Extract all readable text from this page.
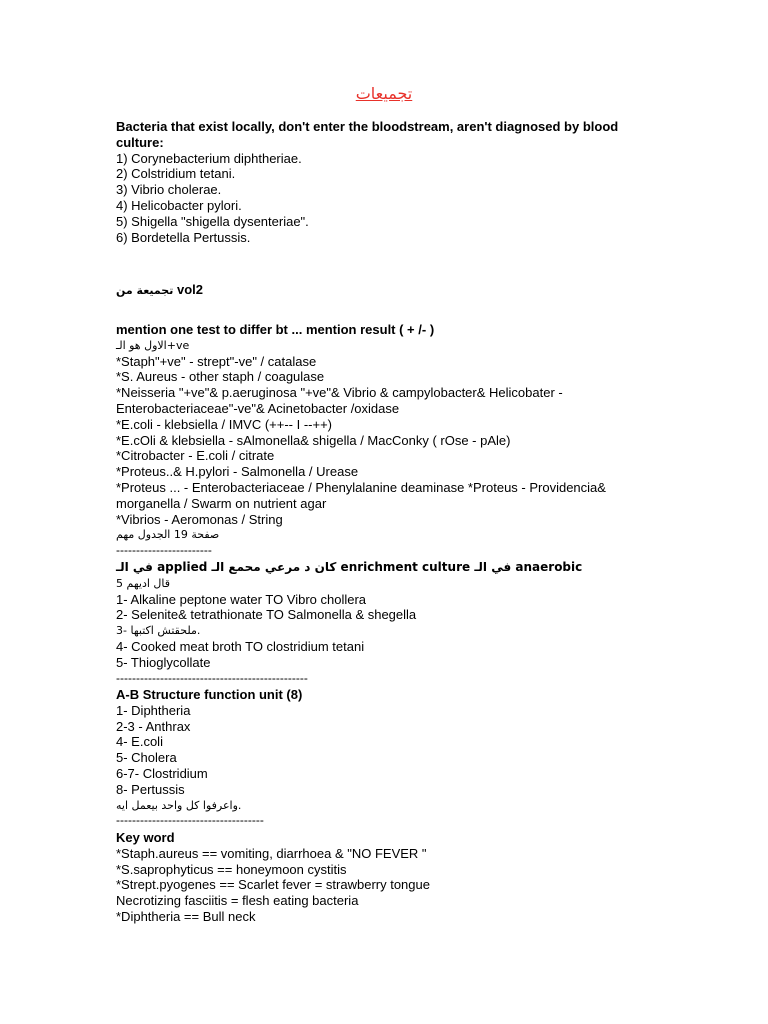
تجميعات
Bacteria that exist locally, don't enter the bloodstream, aren't diagnosed by blood culture:
1) Corynebacterium diphtheriae.
2) Colstridium tetani.
3) Vibrio cholerae.
4) Helicobacter pylori.
5) Shigella "shigella dysenteriae".
6) Bordetella Pertussis.
تجميعة من vol2
mention one test to differ bt ... mention result ( + /- )
الاول هو الـ+ve
*Staph"+ve" - strept"-ve" / catalase
*S. Aureus - other staph / coagulase
*Neisseria "+ve"& p.aeruginosa "+ve"& Vibrio & campylobacter& Helicobater -
Enterobacteriaceae"-ve"& Acinetobacter /oxidase
*E.coli - klebsiella / IMVC (++-- I --++)
*E.cOli & klebsiella - sAlmonella& shigella / MacConky ( rOse - pAle)
*Citrobacter - E.coli / citrate
*Proteus..& H.pylori - Salmonella / Urease
*Proteus ... - Enterobacteriaceae / Phenylalanine deaminase *Proteus - Providencia&
morganella / Swarm on nutrient agar
*Vibrios - Aeromonas / String
صفحة 19 الجدول مهم
------------------------
في الـ applied كان د مرعي محمع الـ enrichment culture في الـ anaerobic
قال اديهم 5
1- Alkaline peptone water TO Vibro chollera
2- Selenite& tetrathionate TO Salmonella & shegella
3- ملحقتش اكتبها.
4- Cooked meat broth TO clostridium tetani
5- Thioglycollate
------------------------------------------------
A-B Structure function unit (8)
1- Diphtheria
2-3 - Anthrax
4- E.coli
5- Cholera
6-7- Clostridium
8- Pertussis
واعرفوا كل واحد بيعمل ايه.
-------------------------------------
Key word
*Staph.aureus == vomiting, diarrhoea & "NO FEVER "
*S.saprophyticus == honeymoon cystitis
*Strept.pyogenes == Scarlet fever = strawberry tongue
Necrotizing fasciitis = flesh eating bacteria
*Diphtheria == Bull neck
